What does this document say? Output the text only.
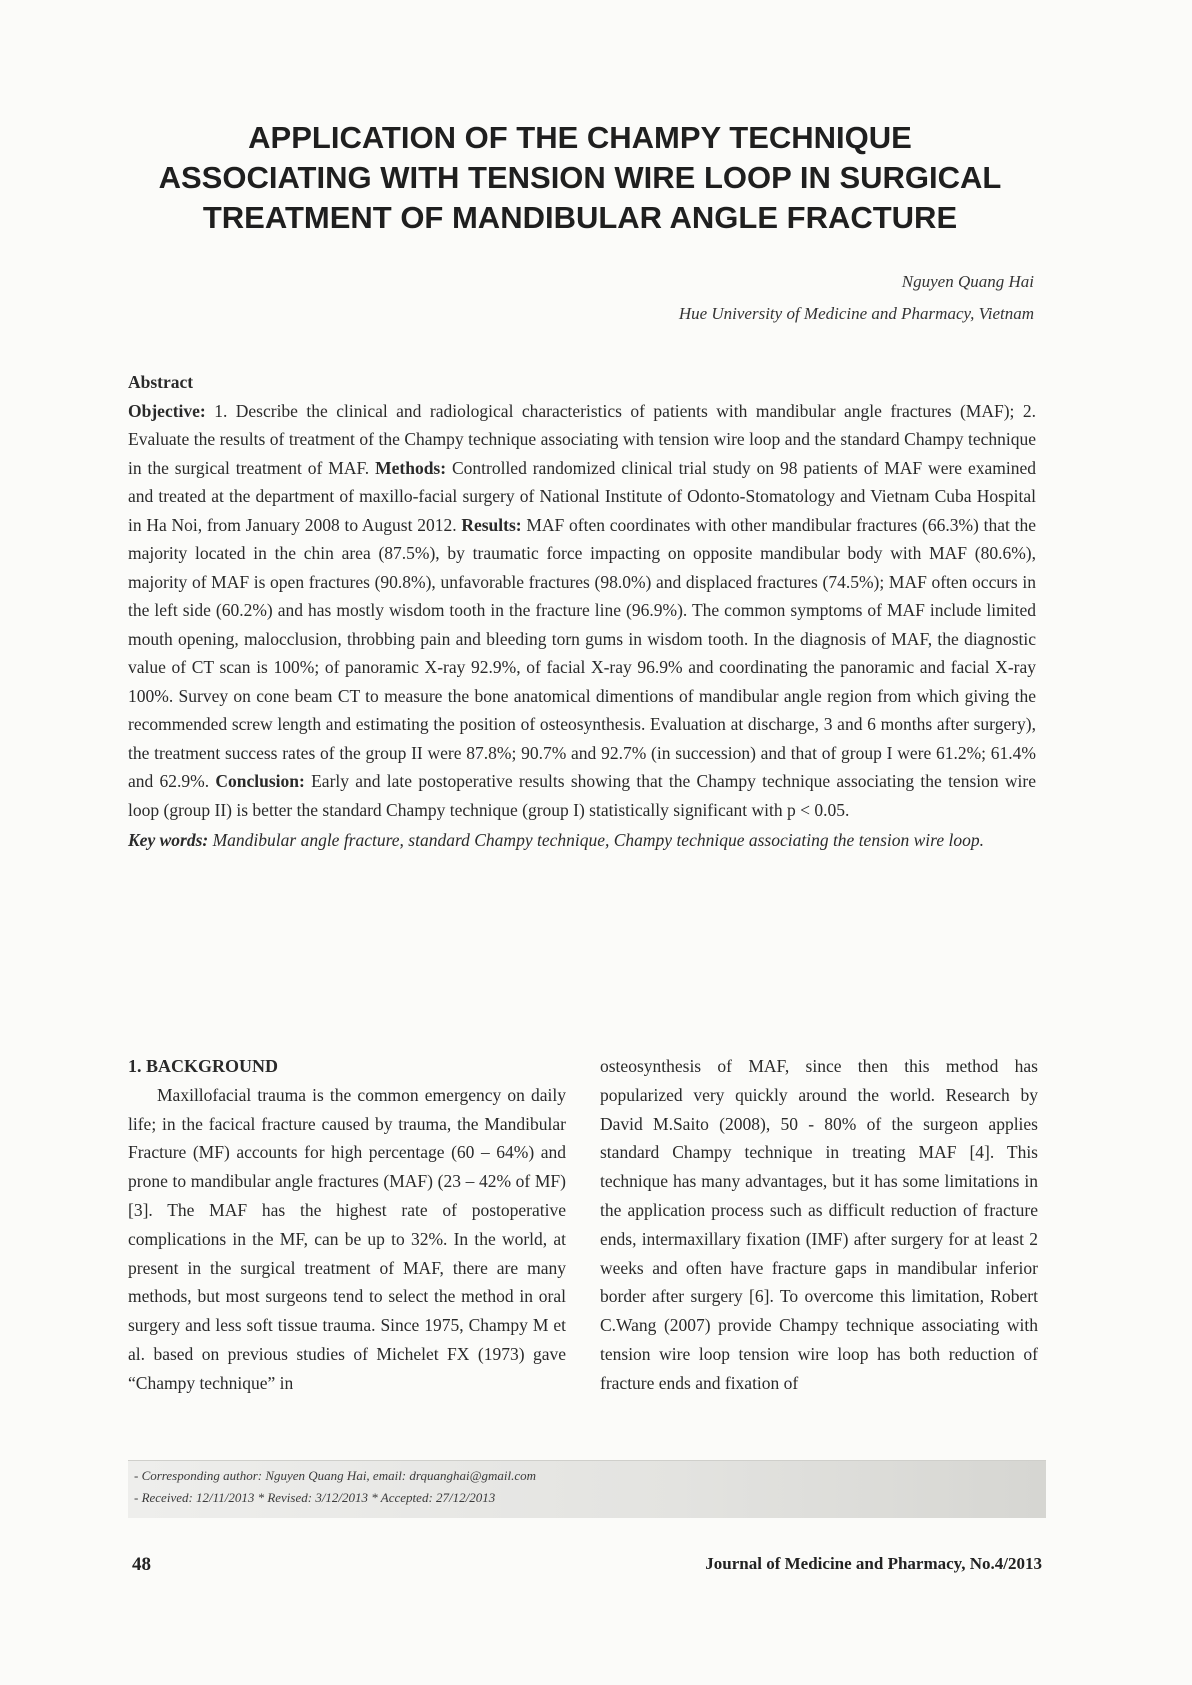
APPLICATION OF THE CHAMPY TECHNIQUE
ASSOCIATING WITH TENSION WIRE LOOP IN SURGICAL
TREATMENT OF MANDIBULAR ANGLE FRACTURE
Nguyen Quang Hai
Hue University of Medicine and Pharmacy, Vietnam
Abstract
Objective: 1. Describe the clinical and radiological characteristics of patients with mandibular angle fractures (MAF); 2. Evaluate the results of treatment of the Champy technique associating with tension wire loop and the standard Champy technique in the surgical treatment of MAF. Methods: Controlled randomized clinical trial study on 98 patients of MAF were examined and treated at the department of maxillo-facial surgery of National Institute of Odonto-Stomatology and Vietnam Cuba Hospital in Ha Noi, from January 2008 to August 2012. Results: MAF often coordinates with other mandibular fractures (66.3%) that the majority located in the chin area (87.5%), by traumatic force impacting on opposite mandibular body with MAF (80.6%), majority of MAF is open fractures (90.8%), unfavorable fractures (98.0%) and displaced fractures (74.5%); MAF often occurs in the left side (60.2%) and has mostly wisdom tooth in the fracture line (96.9%). The common symptoms of MAF include limited mouth opening, malocclusion, throbbing pain and bleeding torn gums in wisdom tooth. In the diagnosis of MAF, the diagnostic value of CT scan is 100%; of panoramic X-ray 92.9%, of facial X-ray 96.9% and coordinating the panoramic and facial X-ray 100%. Survey on cone beam CT to measure the bone anatomical dimentions of mandibular angle region from which giving the recommended screw length and estimating the position of osteosynthesis. Evaluation at discharge, 3 and 6 months after surgery), the treatment success rates of the group II were 87.8%; 90.7% and 92.7% (in succession) and that of group I were 61.2%; 61.4% and 62.9%. Conclusion: Early and late postoperative results showing that the Champy technique associating the tension wire loop (group II) is better the standard Champy technique (group I) statistically significant with p < 0.05.
Key words: Mandibular angle fracture, standard Champy technique, Champy technique associating the tension wire loop.
1. BACKGROUND
Maxillofacial trauma is the common emergency on daily life; in the facical fracture caused by trauma, the Mandibular Fracture (MF) accounts for high percentage (60 – 64%) and prone to mandibular angle fractures (MAF) (23 – 42% of MF) [3]. The MAF has the highest rate of postoperative complications in the MF, can be up to 32%. In the world, at present in the surgical treatment of MAF, there are many methods, but most surgeons tend to select the method in oral surgery and less soft tissue trauma. Since 1975, Champy M et al. based on previous studies of Michelet FX (1973) gave “Champy technique” in
osteosynthesis of MAF, since then this method has popularized very quickly around the world. Research by David M.Saito (2008), 50 - 80% of the surgeon applies standard Champy technique in treating MAF [4]. This technique has many advantages, but it has some limitations in the application process such as difficult reduction of fracture ends, intermaxillary fixation (IMF) after surgery for at least 2 weeks and often have fracture gaps in mandibular inferior border after surgery [6]. To overcome this limitation, Robert C.Wang (2007) provide Champy technique associating with tension wire loop tension wire loop has both reduction of fracture ends and fixation of
- Corresponding author: Nguyen Quang Hai, email: drquanghai@gmail.com
- Received: 12/11/2013 * Revised: 3/12/2013 * Accepted: 27/12/2013
48	Journal of Medicine and Pharmacy, No.4/2013
